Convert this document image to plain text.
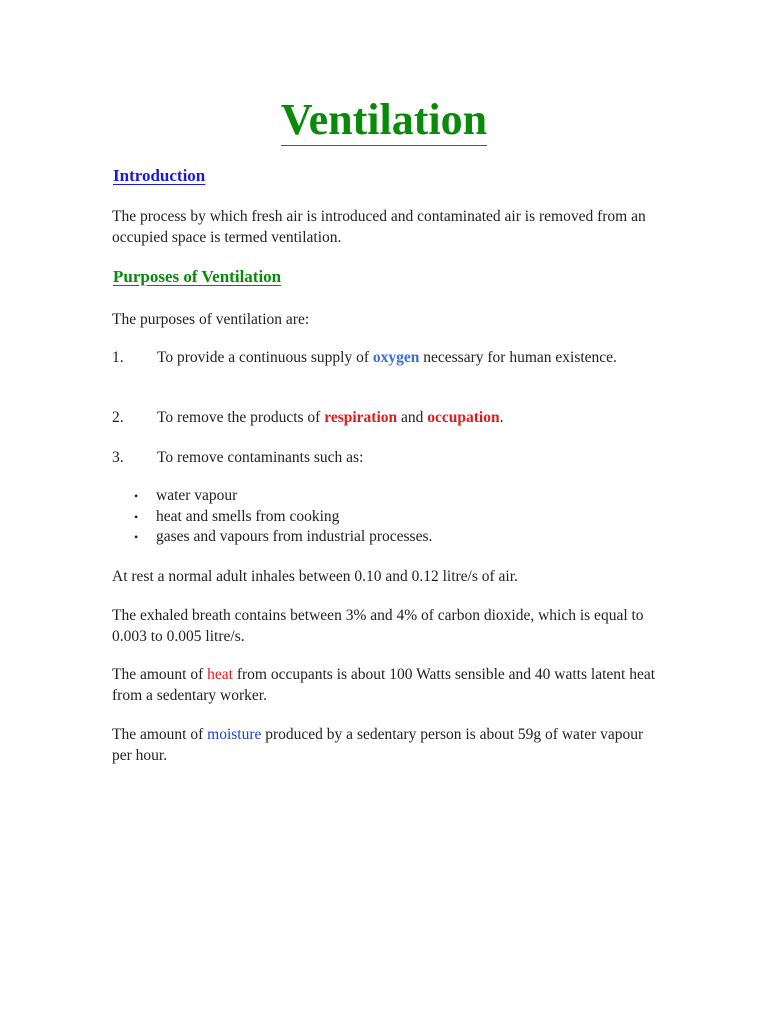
Ventilation
Introduction
The process by which fresh air is introduced and contaminated air is removed from an occupied space is termed ventilation.
Purposes of Ventilation
The purposes of ventilation are:
1. To provide a continuous supply of oxygen necessary for human existence.
2. To remove the products of respiration and occupation.
3. To remove contaminants such as:
• water vapour
• heat and smells from cooking
• gases and vapours from industrial processes.
At rest a normal adult inhales between 0.10 and 0.12 litre/s of air.
The exhaled breath contains between 3% and 4% of carbon dioxide, which is equal to 0.003 to 0.005 litre/s.
The amount of heat from occupants is about 100 Watts sensible and 40 watts latent heat from a sedentary worker.
The amount of moisture produced by a sedentary person is about 59g of water vapour per hour.
